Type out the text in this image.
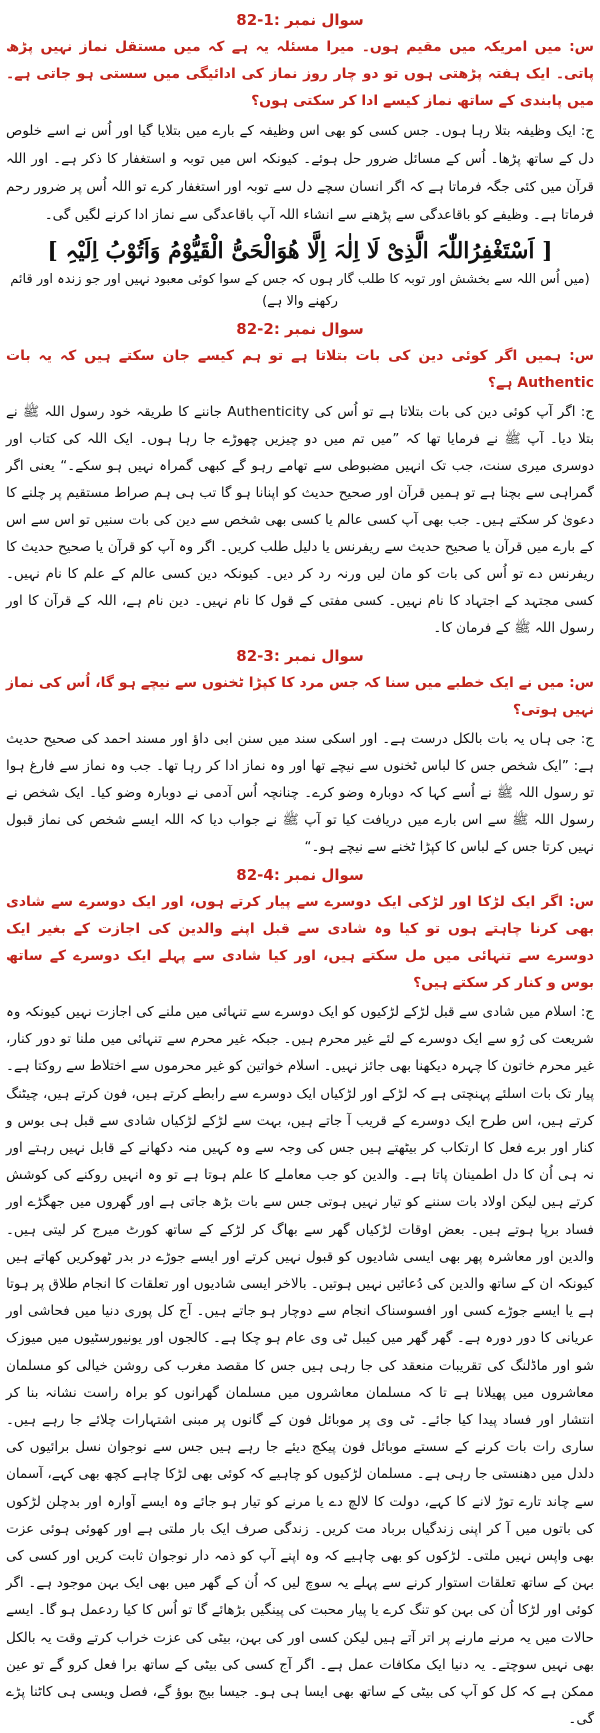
سوال نمبر :1-82

س: میں امریکہ میں مقیم ہوں۔ میرا مسئلہ یہ ہے کہ میں مستقل نماز نہیں پڑھ پاتی۔ ایک ہفتہ پڑھتی ہوں تو دو چار روز نماز کی ادائیگی میں سستی ہو جاتی ہے۔ میں پابندی کے ساتھ نماز کیسے ادا کر سکتی ہوں؟

ج: ایک وظیفہ بتلا رہا ہوں۔ جس کسی کو بھی اس وظیفہ کے بارے میں بتلایا گیا اور اُس نے اسے خلوص دل کے ساتھ پڑھا۔ اُس کے مسائل ضرور حل ہوئے۔ کیونکہ اس میں توبہ و استغفار کا ذکر ہے۔ اور اللہ قرآن میں کئی جگہ فرماتا ہے کہ اگر انسان سچے دل سے توبہ اور استغفار کرے تو اللہ اُس پر ضرور رحم فرماتا ہے۔ وظیفے کو باقاعدگی سے پڑھنے سے انشاء اللہ آپ باقاعدگی سے نماز ادا کرنے لگیں گی۔

[ اَسْتَغْفِرُاللّٰہَ الَّذِیْ لَا اِلٰہَ اِلَّا ھُوَالْحَیُّ الْقَیُّوْمُ وَاَتُوْبُ اِلَیْہِ ]
(میں اُس اللہ سے بخشش اور توبہ کا طلب گار ہوں کہ جس کے سوا کوئی معبود نہیں اور جو زندہ اور قائم رکھنے والا ہے)
سوال نمبر :2-82

س: ہمیں اگر کوئی دین کی بات بتلاتا ہے تو ہم کیسے جان سکتے ہیں کہ یہ بات Authentic ہے؟

ج: اگر آپ کوئی دین کی بات بتلاتا ہے تو اُس کی Authenticity جاننے کا طریقہ خود رسول اللہ ﷺ نے بتلا دیا۔ آپ ﷺ نے فرمایا تھا کہ ”میں تم میں دو چیزیں چھوڑے جا رہا ہوں۔ ایک اللہ کی کتاب اور دوسری میری سنت، جب تک انہیں مضبوطی سے تھامے رہو گے کبھی گمراہ نہیں ہو سکے۔“ یعنی اگر گمراہی سے بچنا ہے تو ہمیں قرآن اور صحیح حدیث کو اپنانا ہو گا تب ہی ہم صراط مستقیم پر چلنے کا دعویٰ کر سکتے ہیں۔ جب بھی آپ کسی عالم یا کسی بھی شخص سے دین کی بات سنیں تو اس سے اس کے بارے میں قرآن یا صحیح حدیث سے ریفرنس یا دلیل طلب کریں۔ اگر وہ آپ کو قرآن یا صحیح حدیث کا ریفرنس دے تو اُس کی بات کو مان لیں ورنہ رد کر دیں۔ کیونکہ دین کسی عالم کے علم کا نام نہیں۔ کسی مجتہد کے اجتہاد کا نام نہیں۔ کسی مفتی کے قول کا نام نہیں۔ دین نام ہے، اللہ کے قرآن کا اور رسول اللہ ﷺ کے فرمان کا۔

سوال نمبر :3-82

س: میں نے ایک خطبے میں سنا کہ جس مرد کا کپڑا ٹخنوں سے نیچے ہو گا، اُس کی نماز نہیں ہوتی؟

ج: جی ہاں یہ بات بالکل درست ہے۔ اور اسکی سند میں سنن ابی داؤ اور مسند احمد کی صحیح حدیث ہے: ”ایک شخص جس کا لباس ٹخنوں سے نیچے تھا اور وہ نماز ادا کر رہا تھا۔ جب وہ نماز سے فارغ ہوا تو رسول اللہ ﷺ نے اُسے کہا کہ دوبارہ وضو کرے۔ چنانچہ اُس آدمی نے دوبارہ وضو کیا۔ ایک شخص نے رسول اللہ ﷺ سے اس بارے میں دریافت کیا تو آپ ﷺ نے جواب دیا کہ اللہ ایسے شخص کی نماز قبول نہیں کرتا جس کے لباس کا کپڑا ٹخنے سے نیچے ہو۔“

سوال نمبر :4-82

س: اگر ایک لڑکا اور لڑکی ایک دوسرے سے پیار کرتے ہوں، اور ایک دوسرے سے شادی بھی کرنا چاہتے ہوں تو کیا وہ شادی سے قبل اپنے والدین کی اجازت کے بغیر ایک دوسرے سے تنہائی میں مل سکتے ہیں، اور کیا شادی سے پہلے ایک دوسرے کے ساتھ بوس و کنار کر سکتے ہیں؟

ج: اسلام میں شادی سے قبل لڑکے لڑکیوں کو ایک دوسرے سے تنہائی میں ملنے کی اجازت نہیں کیونکہ وہ شریعت کی رُو سے ایک دوسرے کے لئے غیر محرم ہیں۔ جبکہ غیر محرم سے تنہائی میں ملنا تو دور کنار، غیر محرم خاتون کا چہرہ دیکھنا بھی جائز نہیں۔ اسلام خواتین کو غیر محرموں سے اختلاط سے روکتا ہے۔ پیار تک بات اسلئے پہنچتی ہے کہ لڑکے اور لڑکیاں ایک دوسرے سے رابطے کرتے ہیں، فون کرتے ہیں، چیٹنگ کرتے ہیں، اس طرح ایک دوسرے کے قریب آ جاتے ہیں، بہت سے لڑکے لڑکیاں شادی سے قبل ہی بوس و کنار اور برے فعل کا ارتکاب کر بیٹھتے ہیں جس کی وجہ سے وہ کہیں منہ دکھانے کے قابل نہیں رہتے اور نہ ہی اُن کا دل اطمینان پاتا ہے۔ والدین کو جب معاملے کا علم ہوتا ہے تو وہ انہیں روکنے کی کوشش کرتے ہیں لیکن اولاد بات سننے کو تیار نہیں ہوتی جس سے بات بڑھ جاتی ہے اور گھروں میں جھگڑے اور فساد برپا ہوتے ہیں۔ بعض اوقات لڑکیاں گھر سے بھاگ کر لڑکے کے ساتھ کورٹ میرج کر لیتی ہیں۔ والدین اور معاشرہ پھر بھی ایسی شادیوں کو قبول نہیں کرتے اور ایسے جوڑے در بدر ٹھوکریں کھاتے ہیں کیونکہ ان کے ساتھ والدین کی دُعائیں نہیں ہوتیں۔ بالاخر ایسی شادیوں اور تعلقات کا انجام طلاق پر ہوتا ہے یا ایسے جوڑے کسی اور افسوسناک انجام سے دوچار ہو جاتے ہیں۔ آج کل پوری دنیا میں فحاشی اور عریانی کا دور دورہ ہے۔ گھر گھر میں کیبل ٹی وی عام ہو چکا ہے۔ کالجوں اور یونیورسٹیوں میں میوزک شو اور ماڈلنگ کی تقریبات منعقد کی جا رہی ہیں جس کا مقصد مغرب کی روشن خیالی کو مسلمان معاشروں میں پھیلانا ہے تا کہ مسلمان معاشروں میں مسلمان گھرانوں کو براہ راست نشانہ بنا کر انتشار اور فساد پیدا کیا جائے۔ ٹی وی پر موبائل فون کے گانوں پر مبنی اشتہارات چلائے جا رہے ہیں۔ ساری رات بات کرنے کے سستے موبائل فون پیکج دیئے جا رہے ہیں جس سے نوجوان نسل برائیوں کی دلدل میں دھنستی جا رہی ہے۔ مسلمان لڑکیوں کو چاہیے کہ کوئی بھی لڑکا چاہے کچھ بھی کہے، آسمان سے چاند تارے توڑ لانے کا کہے، دولت کا لالچ دے یا مرنے کو تیار ہو جائے وہ ایسے آوارہ اور بدچلن لڑکوں کی باتوں میں آ کر اپنی زندگیاں برباد مت کریں۔ زندگی صرف ایک بار ملتی ہے اور کھوئی ہوئی عزت بھی واپس نہیں ملتی۔ لڑکوں کو بھی چاہیے کہ وہ اپنے آپ کو ذمہ دار نوجوان ثابت کریں اور کسی کی بہن کے ساتھ تعلقات استوار کرنے سے پہلے یہ سوچ لیں کہ اُن کے گھر میں بھی ایک بہن موجود ہے۔ اگر کوئی اور لڑکا اُن کی بہن کو تنگ کرے یا پیار محبت کی پینگیں بڑھائے گا تو اُس کا کیا ردعمل ہو گا۔ ایسے حالات میں یہ مرنے مارنے پر اتر آتے ہیں لیکن کسی اور کی بہن، بیٹی کی عزت خراب کرتے وقت یہ بالکل بھی نہیں سوچتے۔ یہ دنیا ایک مکافات عمل ہے۔ اگر آج کسی کی بیٹی کے ساتھ برا فعل کرو گے تو عین ممکن ہے کہ کل کو آپ کی بیٹی کے ساتھ بھی ایسا ہی ہو۔ جیسا بیج بوؤ گے، فصل ویسی ہی کاٹنا پڑے گی۔
